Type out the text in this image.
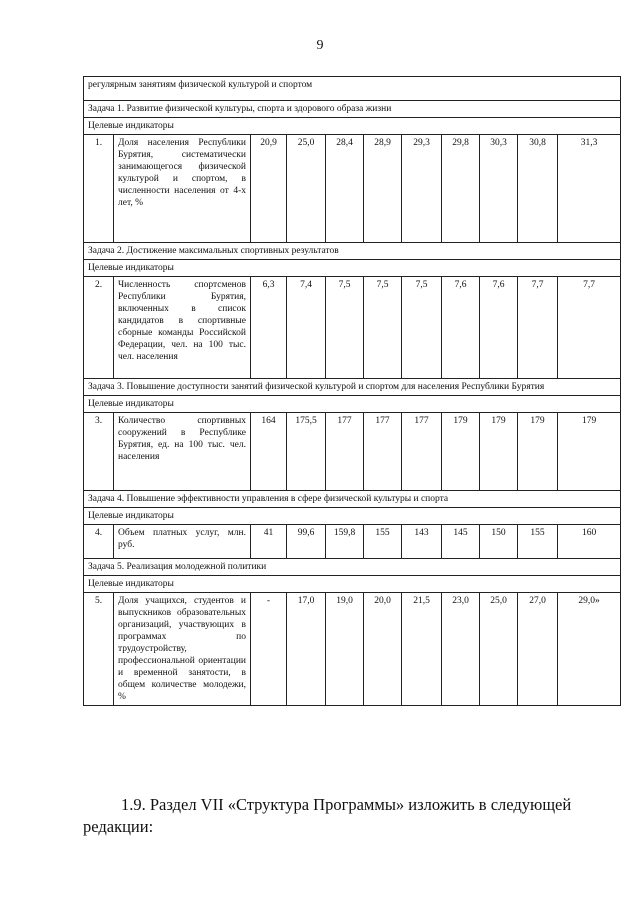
9
регулярным занятиям физической культурой и спортом										
Задача 1. Развитие физической культуры, спорта и здорового образа жизни										
Целевые индикаторы										
1.	Доля населения Республики Бурятия, систематически занимающегося физической культурой и спортом, в численности населения от 4-х лет, %	20,9	25,0	28,4	28,9	29,3	29,8	30,3	30,8	31,3
Задача 2. Достижение максимальных спортивных результатов										
Целевые индикаторы										
2.	Численность спортсменов Республики Бурятия, включенных в список кандидатов в спортивные сборные команды Российской Федерации, чел. на 100 тыс. чел. населения	6,3	7,4	7,5	7,5	7,5	7,6	7,6	7,7	7,7
Задача 3. Повышение доступности занятий физической культурой и спортом для населения Республики Бурятия										
Целевые индикаторы										
3.	Количество спортивных сооружений в Республике Бурятия, ед. на 100 тыс. чел. населения	164	175,5	177	177	177	179	179	179	179
Задача 4. Повышение эффективности управления в сфере физической культуры и спорта										
Целевые индикаторы										
4.	Объем платных услуг, млн. руб.	41	99,6	159,8	155	143	145	150	155	160
Задача 5. Реализация молодежной политики										
Целевые индикаторы										
5.	Доля учащихся, студентов и выпускников образовательных организаций, участвующих в программах по трудоустройству, профессиональной ориентации и временной занятости, в общем количестве молодежи, %	-	17,0	19,0	20,0	21,5	23,0	25,0	27,0	29,0»
1.9. Раздел VII «Структура Программы» изложить в следующей редакции:
